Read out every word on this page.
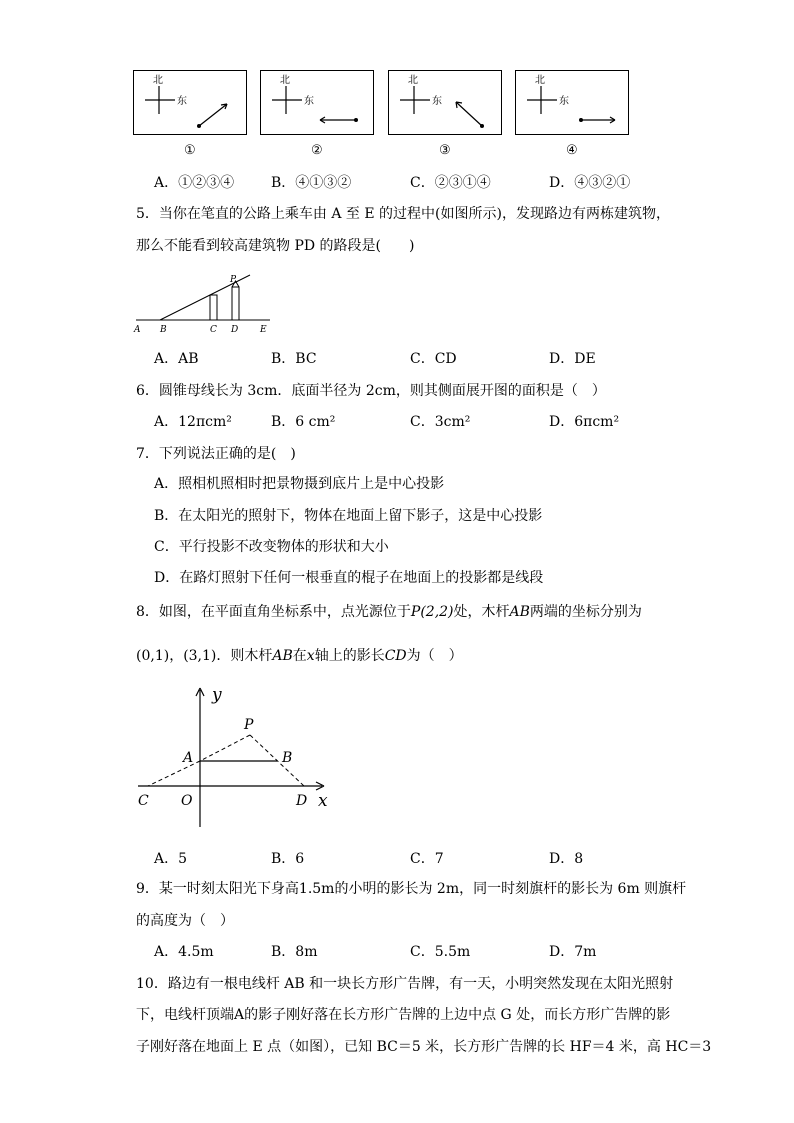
北
东
北
东
北
东
北
东
①	②	③	④
A．①②③④	B．④①③②	C．②③①④	D．④③②①
5．当你在笔直的公路上乘车由 A 至 E 的过程中(如图所示)，发现路边有两栋建筑物，
那么不能看到较高建筑物 PD 的路段是(　　)
A B	C D E
P
A．AB	B．BC	C．CD	D．DE
6．圆锥母线长为 3cm．底面半径为 2cm，则其侧面展开图的面积是（　）
A．12πcm²	B．6 cm²	C．3cm²	D．6πcm²
7．下列说法正确的是(　)
A．照相机照相时把景物摄到底片上是中心投影
B．在太阳光的照射下，物体在地面上留下影子，这是中心投影
C．平行投影不改变物体的形状和大小
D．在路灯照射下任何一根垂直的棍子在地面上的投影都是线段
8．如图，在平面直角坐标系中，点光源位于P(2,2)处，木杆AB两端的坐标分别为
(0,1)，(3,1)．则木杆AB在x轴上的影长CD为（　）
y
x
P
A	B
C O	D
A．5	B．6	C．7	D．8
9．某一时刻太阳光下身高1.5m的小明的影长为 2m，同一时刻旗杆的影长为 6m 则旗杆
的高度为（　）
A．4.5m	B．8m	C．5.5m	D．7m
10．路边有一根电线杆 AB 和一块长方形广告牌，有一天，小明突然发现在太阳光照射
下，电线杆顶端A的影子刚好落在长方形广告牌的上边中点 G 处，而长方形广告牌的影
子刚好落在地面上 E 点（如图），已知 BC＝5 米，长方形广告牌的长 HF＝4 米，高 HC＝3
